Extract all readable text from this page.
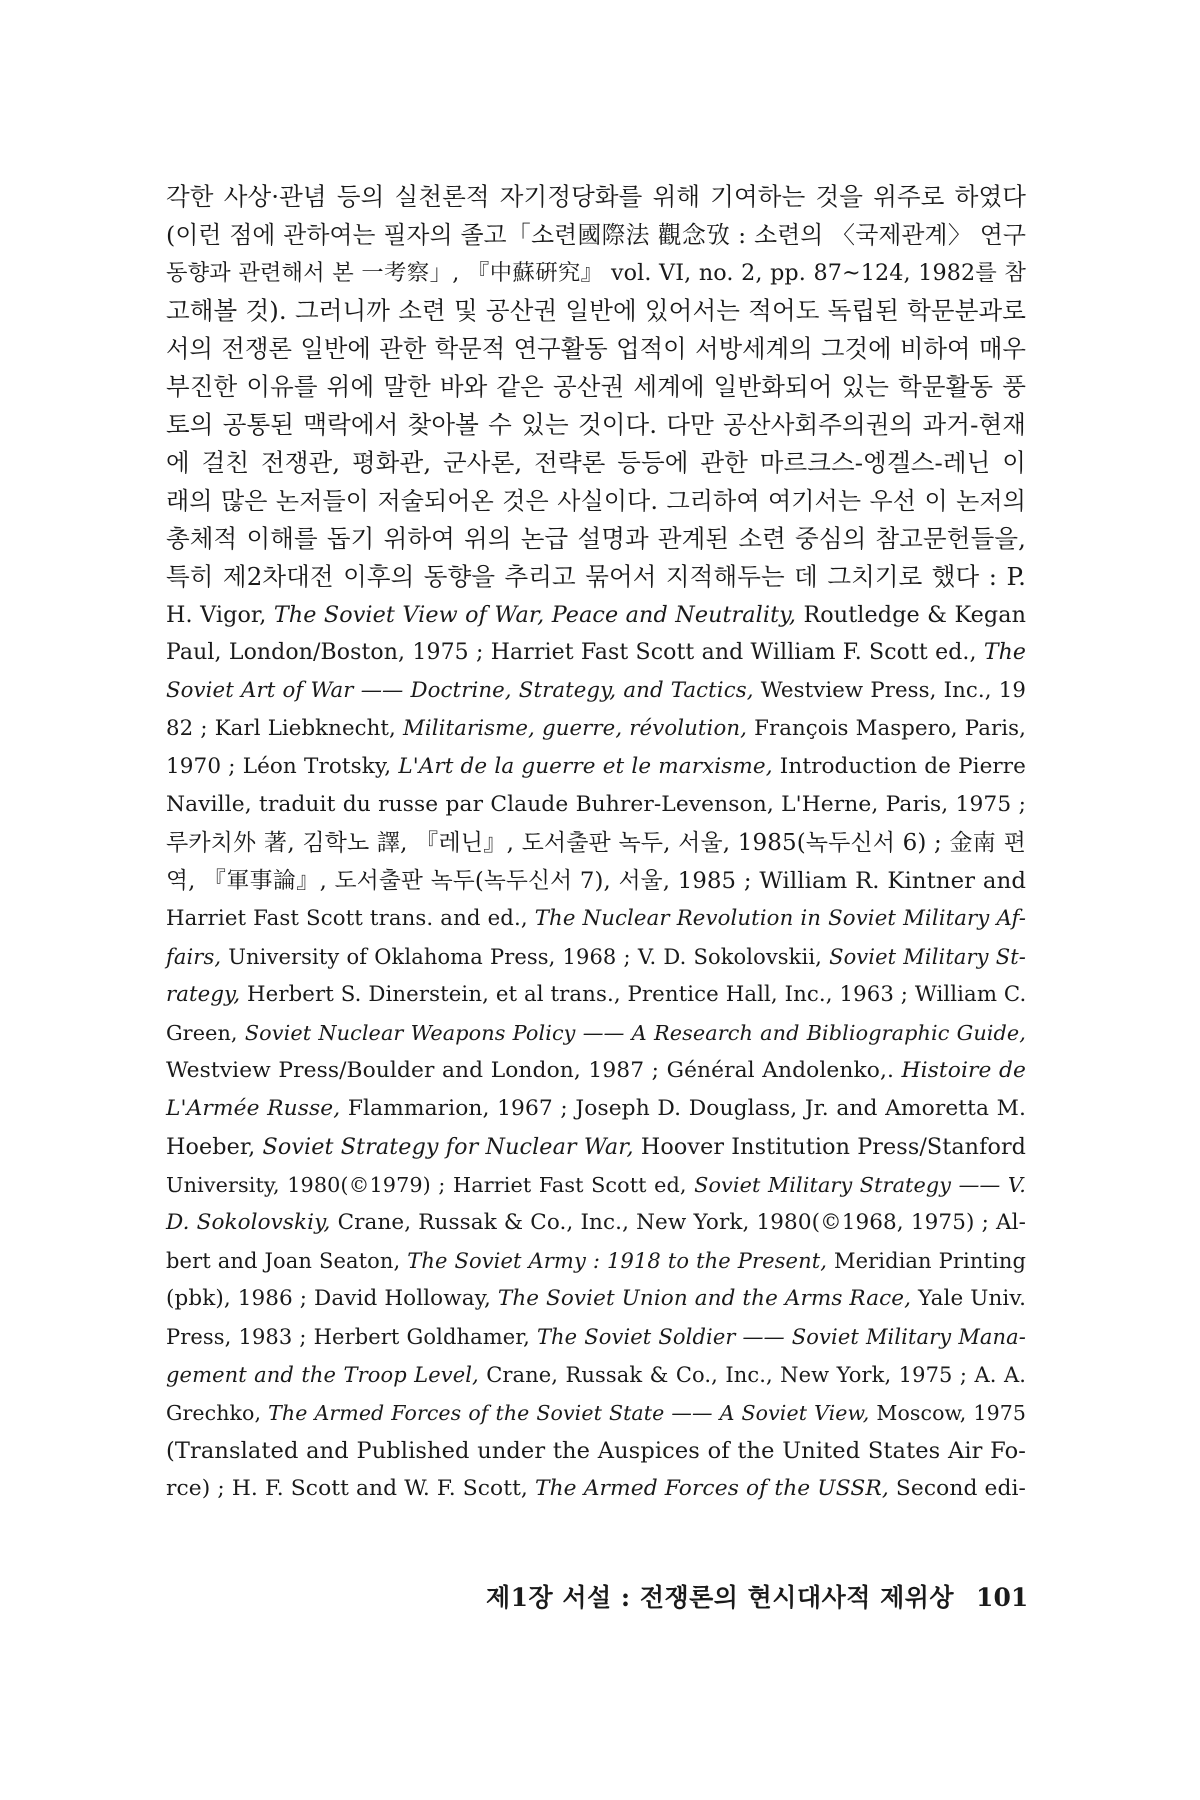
각한 사상·관념 등의 실천론적 자기정당화를 위해 기여하는 것을 위주로 하였다
(이런 점에 관하여는 필자의 졸고「소련國際法 觀念攷 : 소련의 〈국제관계〉 연구
동향과 관련해서 본 一考察」, 『中蘇硏究』 vol. VI, no. 2, pp. 87~124, 1982를 참
고해볼 것). 그러니까 소련 및 공산권 일반에 있어서는 적어도 독립된 학문분과로
서의 전쟁론 일반에 관한 학문적 연구활동 업적이 서방세계의 그것에 비하여 매우
부진한 이유를 위에 말한 바와 같은 공산권 세계에 일반화되어 있는 학문활동 풍
토의 공통된 맥락에서 찾아볼 수 있는 것이다. 다만 공산사회주의권의 과거-현재
에 걸친 전쟁관, 평화관, 군사론, 전략론 등등에 관한 마르크스-엥겔스-레닌 이
래의 많은 논저들이 저술되어온 것은 사실이다. 그리하여 여기서는 우선 이 논저의
총체적 이해를 돕기 위하여 위의 논급 설명과 관계된 소련 중심의 참고문헌들을,
특히 제2차대전 이후의 동향을 추리고 묶어서 지적해두는 데 그치기로 했다 : P.
H. Vigor, The Soviet View of War, Peace and Neutrality, Routledge & Kegan
Paul, London/Boston, 1975 ; Harriet Fast Scott and William F. Scott ed., The
Soviet Art of War —— Doctrine, Strategy, and Tactics, Westview Press, Inc., 19
82 ; Karl Liebknecht, Militarisme, guerre, révolution, François Maspero, Paris,
1970 ; Léon Trotsky, L'Art de la guerre et le marxisme, Introduction de Pierre
Naville, traduit du russe par Claude Buhrer-Levenson, L'Herne, Paris, 1975 ;
루카치外 著, 김학노 譯, 『레닌』, 도서출판 녹두, 서울, 1985(녹두신서 6) ; 金南 편
역, 『軍事論』, 도서출판 녹두(녹두신서 7), 서울, 1985 ; William R. Kintner and
Harriet Fast Scott trans. and ed., The Nuclear Revolution in Soviet Military Af-
fairs, University of Oklahoma Press, 1968 ; V. D. Sokolovskii, Soviet Military St-
rategy, Herbert S. Dinerstein, et al trans., Prentice Hall, Inc., 1963 ; William C.
Green, Soviet Nuclear Weapons Policy —— A Research and Bibliographic Guide,
Westview Press/Boulder and London, 1987 ; Général Andolenko,. Histoire de
L'Armée Russe, Flammarion, 1967 ; Joseph D. Douglass, Jr. and Amoretta M.
Hoeber, Soviet Strategy for Nuclear War, Hoover Institution Press/Stanford
University, 1980(©1979) ; Harriet Fast Scott ed, Soviet Military Strategy —— V.
D. Sokolovskiy, Crane, Russak & Co., Inc., New York, 1980(©1968, 1975) ; Al-
bert and Joan Seaton, The Soviet Army : 1918 to the Present, Meridian Printing
(pbk), 1986 ; David Holloway, The Soviet Union and the Arms Race, Yale Univ.
Press, 1983 ; Herbert Goldhamer, The Soviet Soldier —— Soviet Military Mana-
gement and the Troop Level, Crane, Russak & Co., Inc., New York, 1975 ; A. A.
Grechko, The Armed Forces of the Soviet State —— A Soviet View, Moscow, 1975
(Translated and Published under the Auspices of the United States Air Fo-
rce) ; H. F. Scott and W. F. Scott, The Armed Forces of the USSR, Second edi-
제1장 서설 : 전쟁론의 현시대사적 제위상 101
